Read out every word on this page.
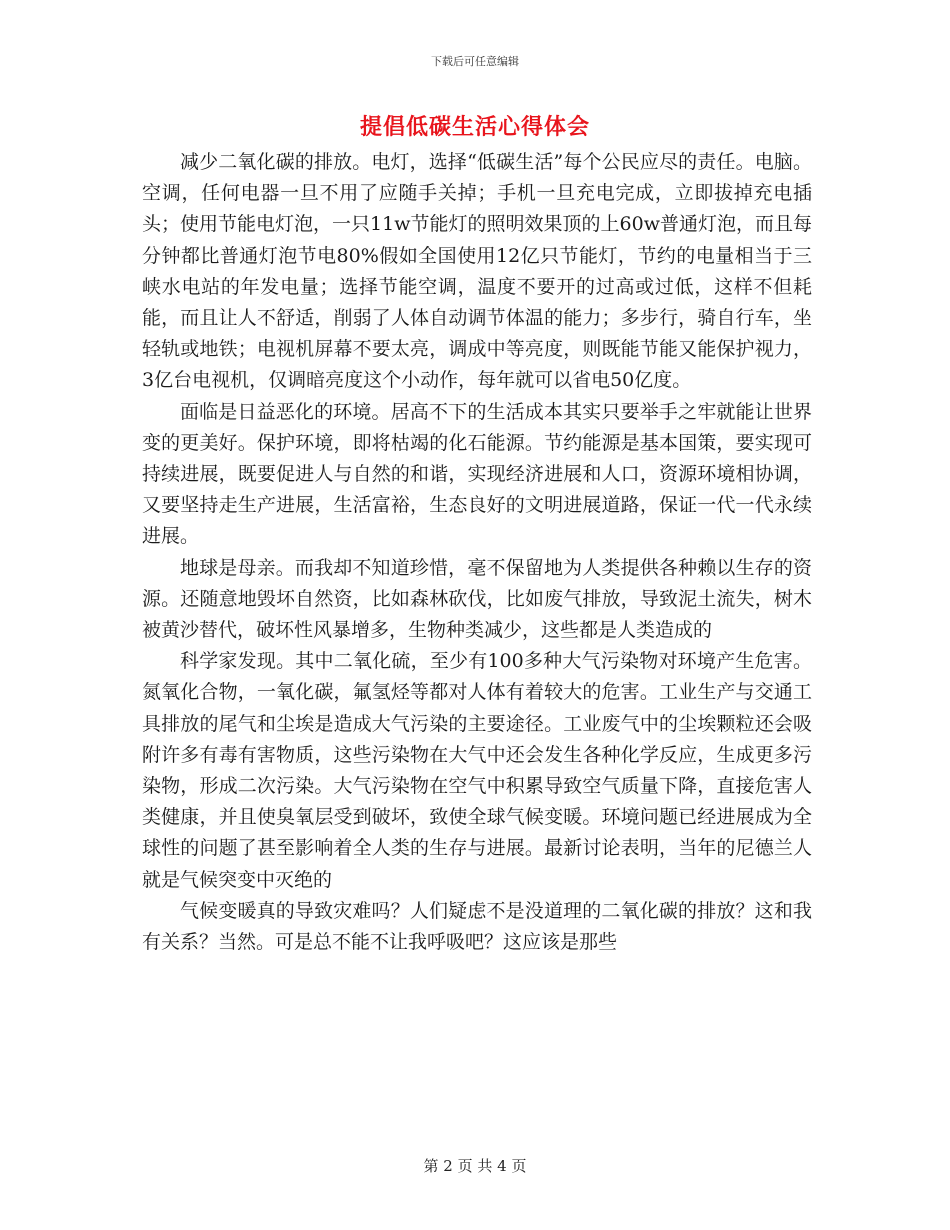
下载后可任意编辑
提倡低碳生活心得体会

减少二氧化碳的排放。电灯，选择“低碳生活”每个公民应尽的责任。电脑。空调，任何电器一旦不用了应随手关掉；手机一旦充电完成，立即拔掉充电插头；使用节能电灯泡，一只11w节能灯的照明效果顶的上60w普通灯泡，而且每分钟都比普通灯泡节电80%假如全国使用12亿只节能灯，节约的电量相当于三峡水电站的年发电量；选择节能空调，温度不要开的过高或过低，这样不但耗能，而且让人不舒适，削弱了人体自动调节体温的能力；多步行，骑自行车，坐轻轨或地铁；电视机屏幕不要太亮，调成中等亮度，则既能节能又能保护视力，3亿台电视机，仅调暗亮度这个小动作，每年就可以省电50亿度。

面临是日益恶化的环境。居高不下的生活成本其实只要举手之牢就能让世界变的更美好。保护环境，即将枯竭的化石能源。节约能源是基本国策，要实现可持续进展，既要促进人与自然的和谐，实现经济进展和人口，资源环境相协调，又要坚持走生产进展，生活富裕，生态良好的文明进展道路，保证一代一代永续进展。

地球是母亲。而我却不知道珍惜，毫不保留地为人类提供各种赖以生存的资源。还随意地毁坏自然资，比如森林砍伐，比如废气排放，导致泥土流失，树木被黄沙替代，破坏性风暴增多，生物种类减少，这些都是人类造成的

科学家发现。其中二氧化硫，至少有100多种大气污染物对环境产生危害。氮氧化合物，一氧化碳，氟氢烃等都对人体有着较大的危害。工业生产与交通工具排放的尾气和尘埃是造成大气污染的主要途径。工业废气中的尘埃颗粒还会吸附许多有毒有害物质，这些污染物在大气中还会发生各种化学反应，生成更多污染物，形成二次污染。大气污染物在空气中积累导致空气质量下降，直接危害人类健康，并且使臭氧层受到破坏，致使全球气候变暖。环境问题已经进展成为全球性的问题了甚至影响着全人类的生存与进展。最新讨论表明，当年的尼德兰人就是气候突变中灭绝的

气候变暖真的导致灾难吗？人们疑虑不是没道理的二氧化碳的排放？这和我有关系？当然。可是总不能不让我呼吸吧？这应该是那些

第 2 页 共 4 页
